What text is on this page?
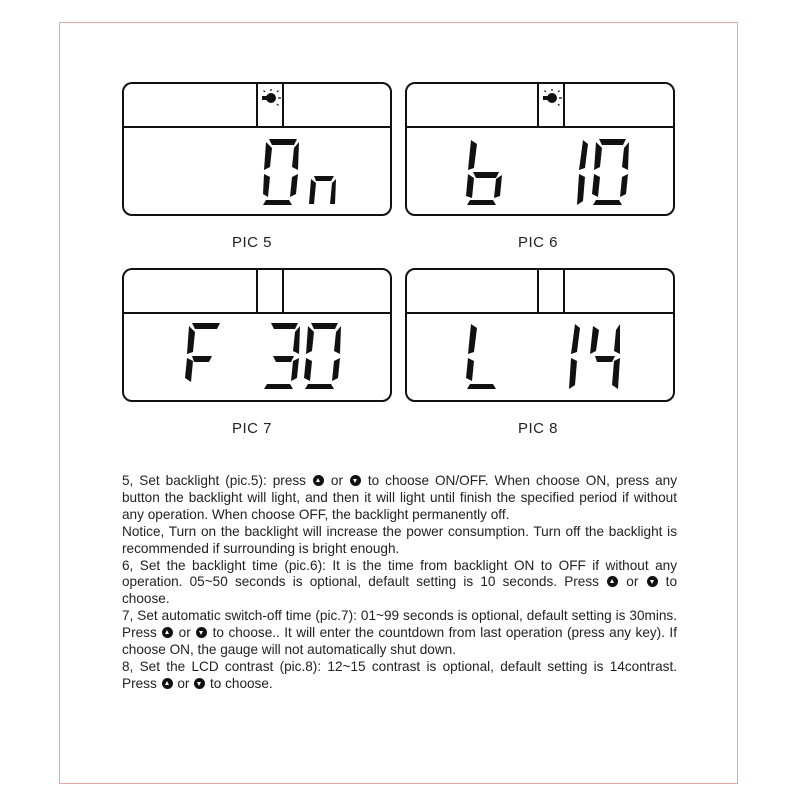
PIC 5	PIC 6
PIC 7	PIC 8

5, Set backlight (pic.5): press or to choose ON/OFF. When choose ON, press any button the backlight will light, and then it will light until finish the specified period if without any operation. When choose OFF, the backlight permanently off.

Notice, Turn on the backlight will increase the power consumption. Turn off the backlight is recommended if surrounding is bright enough.

6, Set the backlight time (pic.6): It is the time from backlight ON to OFF if without any operation. 05~50 seconds is optional, default setting is 10 seconds. Press or to choose.

7, Set automatic switch-off time (pic.7): 01~99 seconds is optional, default setting is 30mins. Press or to choose.. It will enter the countdown from last operation (press any key). If choose ON, the gauge will not automatically shut down.

8, Set the LCD contrast (pic.8): 12~15 contrast is optional, default setting is 14contrast. Press or to choose.
